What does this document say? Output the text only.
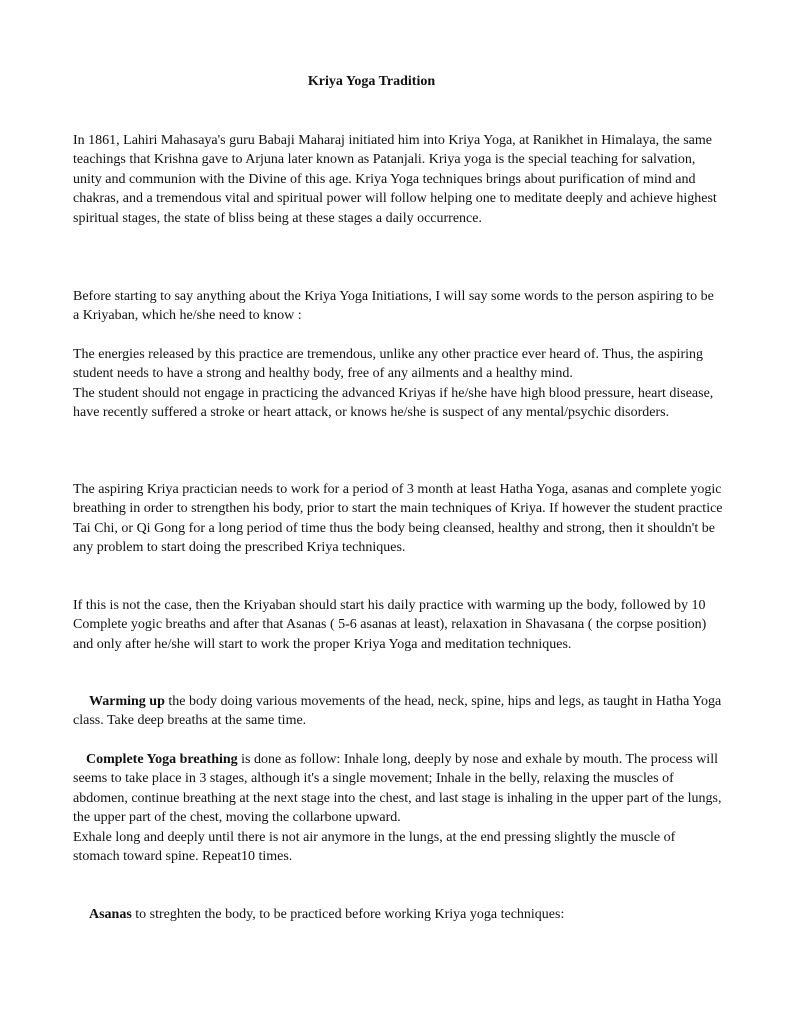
Kriya Yoga Tradition

In 1861, Lahiri Mahasaya's guru Babaji Maharaj initiated him into Kriya Yoga, at Ranikhet in Himalaya, the same teachings that Krishna gave to Arjuna later known as Patanjali. Kriya yoga is the special teaching for salvation, unity and communion with the Divine of this age. Kriya Yoga techniques brings about purification of mind and chakras, and a tremendous vital and spiritual power will follow helping one to meditate deeply and achieve highest spiritual stages, the state of bliss being at these stages a daily occurrence.

Before starting to say anything about the Kriya Yoga Initiations, I will say some words to the person aspiring to be a Kriyaban, which he/she need to know :

The energies released by this practice are tremendous, unlike any other practice ever heard of. Thus, the aspiring student needs to have a strong and healthy body, free of any ailments and a healthy mind.

The student should not engage in practicing the advanced Kriyas if he/she have high blood pressure, heart disease, have recently suffered a stroke or heart attack, or knows he/she is suspect of any mental/psychic disorders.

The aspiring Kriya practician needs to work for a period of 3 month at least Hatha Yoga, asanas and complete yogic breathing in order to strengthen his body, prior to start the main techniques of Kriya. If however the student practice Tai Chi, or Qi Gong for a long period of time thus the body being cleansed, healthy and strong, then it shouldn't be any problem to start doing the prescribed Kriya techniques.

If this is not the case, then the Kriyaban should start his daily practice with warming up the body, followed by 10 Complete yogic breaths and after that Asanas ( 5-6 asanas at least), relaxation in Shavasana ( the corpse position) and only after he/she will start to work the proper Kriya Yoga and meditation techniques.

Warming up the body doing various movements of the head, neck, spine, hips and legs, as taught in Hatha Yoga class. Take deep breaths at the same time.

Complete Yoga breathing is done as follow: Inhale long, deeply by nose and exhale by mouth. The process will seems to take place in 3 stages, although it's a single movement; Inhale in the belly, relaxing the muscles of abdomen, continue breathing at the next stage into the chest, and last stage is inhaling in the upper part of the lungs, the upper part of the chest, moving the collarbone upward.

Exhale long and deeply until there is not air anymore in the lungs, at the end pressing slightly the muscle of stomach toward spine. Repeat10 times.

Asanas to streghten the body, to be practiced before working Kriya yoga techniques:
